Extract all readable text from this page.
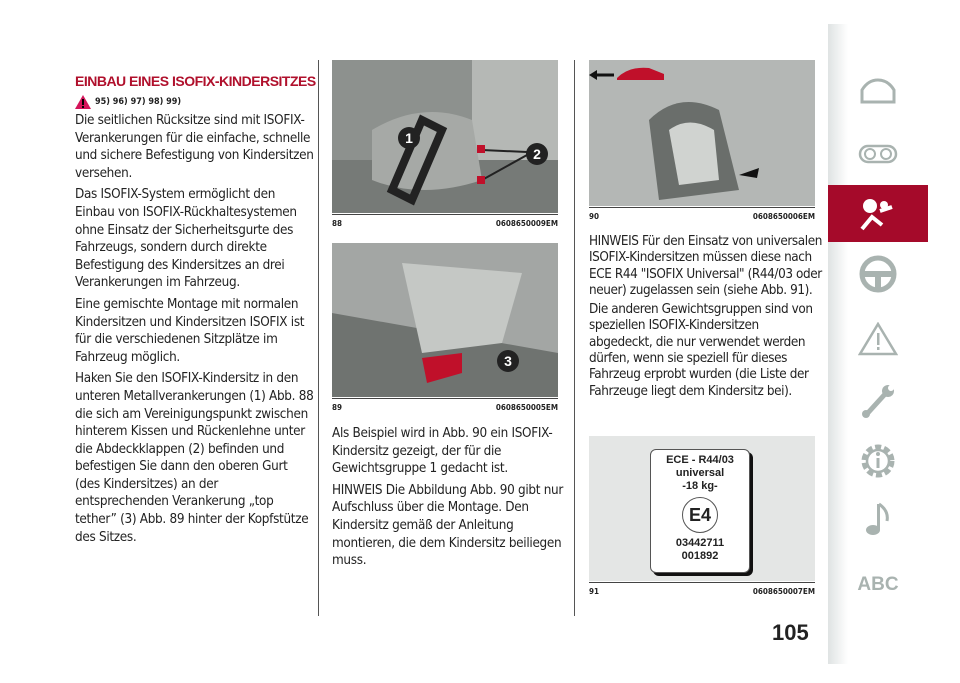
EINBAU EINES ISOFIX-KINDERSITZES
95) 96) 97) 98) 99)

Die seitlichen Rücksitze sind mit ISOFIX-Verankerungen für die einfache, schnelle und sichere Befestigung von Kindersitzen versehen.

Das ISOFIX-System ermöglicht den Einbau von ISOFIX-Rückhaltesystemen ohne Einsatz der Sicherheitsgurte des Fahrzeugs, sondern durch direkte Befestigung des Kindersitzes an drei Verankerungen im Fahrzeug.

Eine gemischte Montage mit normalen Kindersitzen und Kindersitzen ISOFIX ist für die verschiedenen Sitzplätze im Fahrzeug möglich.

Haken Sie den ISOFIX-Kindersitz in den unteren Metallverankerungen (1) Abb. 88 die sich am Vereinigungspunkt zwischen hinterem Kissen und Rückenlehne unter die Abdeckklappen (2) befinden und befestigen Sie dann den oberen Gurt (des Kindersitzes) an der entsprechenden Verankerung „top tether” (3) Abb. 89 hinter der Kopfstütze des Sitzes.

1
2
88	0608650009EM
3
89	0608650005EM

Als Beispiel wird in Abb. 90 ein ISOFIX-Kindersitz gezeigt, der für die Gewichtsgruppe 1 gedacht ist.

HINWEIS Die Abbildung Abb. 90 gibt nur Aufschluss über die Montage. Den Kindersitz gemäß der Anleitung montieren, die dem Kindersitz beiliegen muss.

90	0608650006EM

HINWEIS Für den Einsatz von universalen ISOFIX-Kindersitzen müssen diese nach ECE R44 "ISOFIX Universal" (R44/03 oder neuer) zugelassen sein (siehe Abb. 91).

Die anderen Gewichtsgruppen sind von speziellen ISOFIX-Kindersitzen abgedeckt, die nur verwendet werden dürfen, wenn sie speziell für dieses Fahrzeug erprobt wurden (die Liste der Fahrzeuge liegt dem Kindersitz bei).

ECE - R44/03
universal
-18 kg-
E4
03442711
001892
91	0608650007EM ABC
105
